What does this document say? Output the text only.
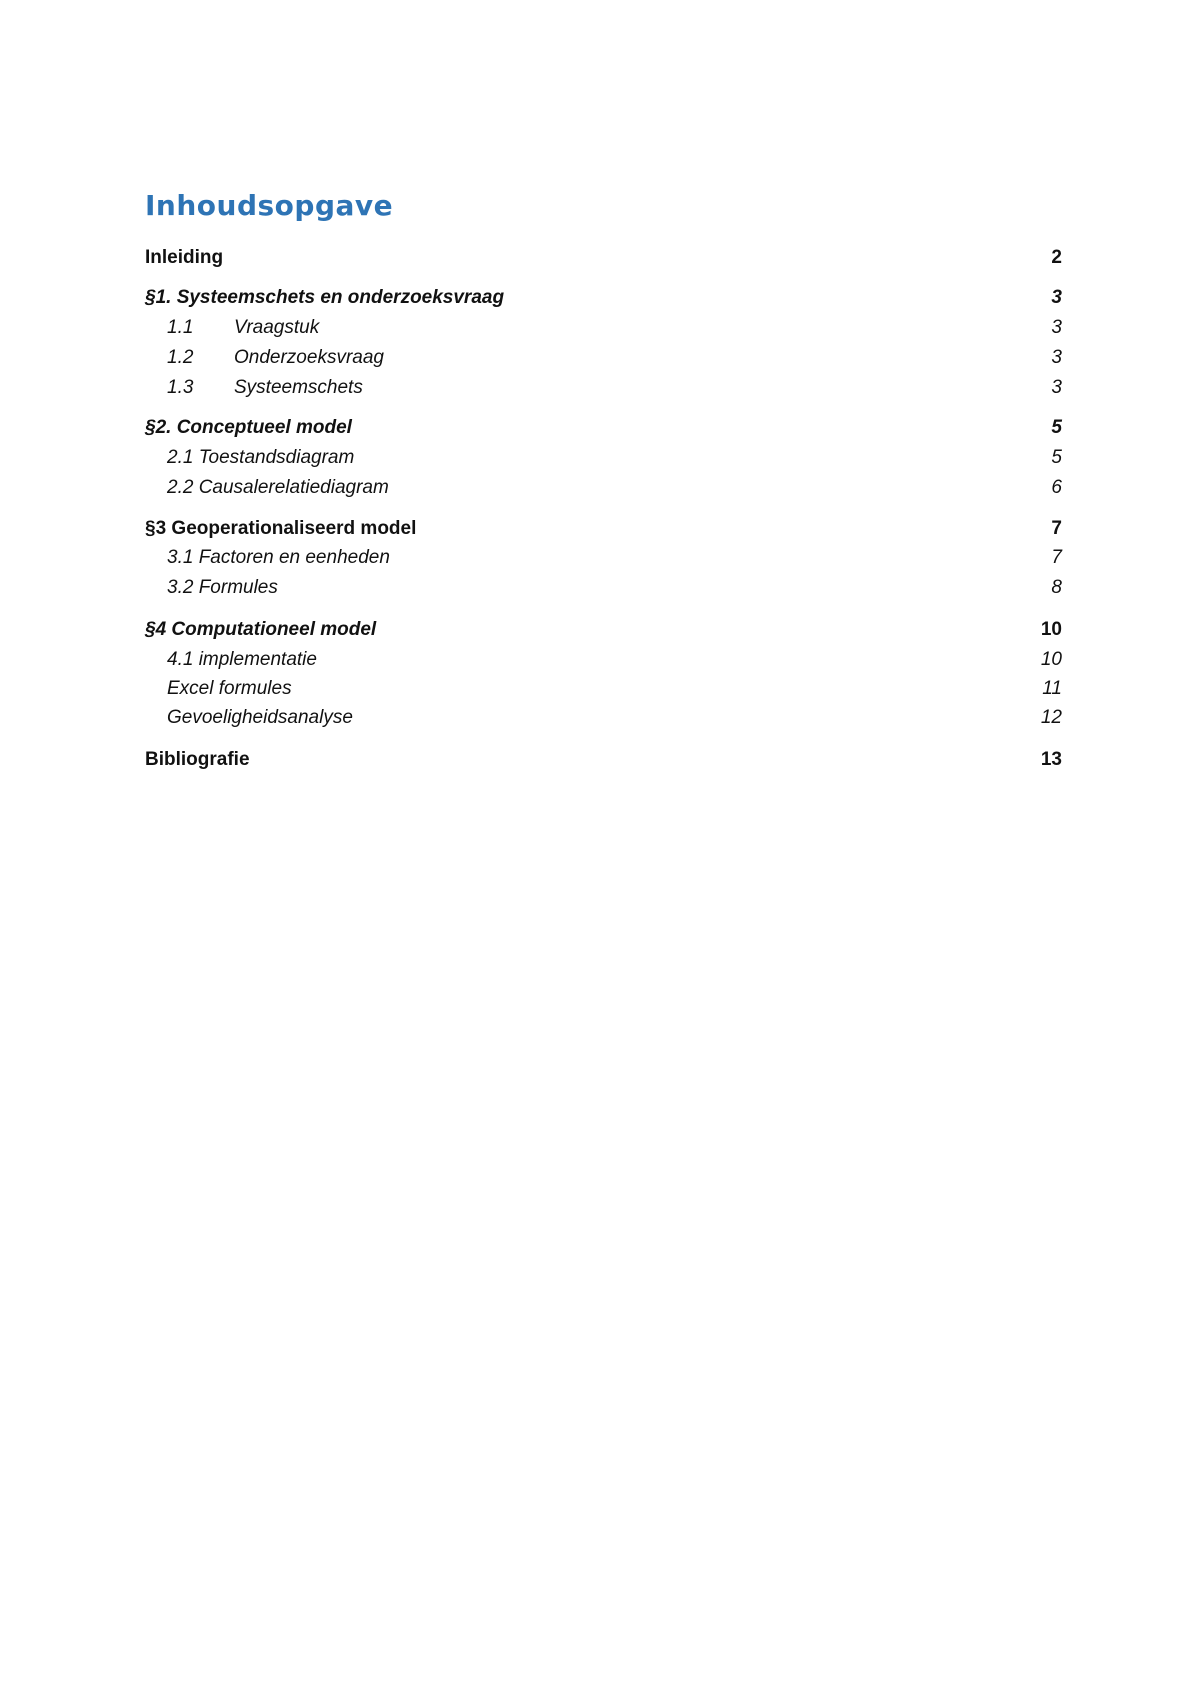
Inhoudsopgave
Inleiding	2
§1. Systeemschets en onderzoeksvraag	3
1.1 Vraagstuk	3
1.2 Onderzoeksvraag	3
1.3 Systeemschets	3
§2. Conceptueel model	5
2.1 Toestandsdiagram	5
2.2 Causalerelatiediagram	6
§3 Geoperationaliseerd model	7
3.1 Factoren en eenheden	7
3.2 Formules	8
§4 Computationeel model	10
4.1 implementatie	10
Excel formules	11
Gevoeligheidsanalyse	12
Bibliografie	13
